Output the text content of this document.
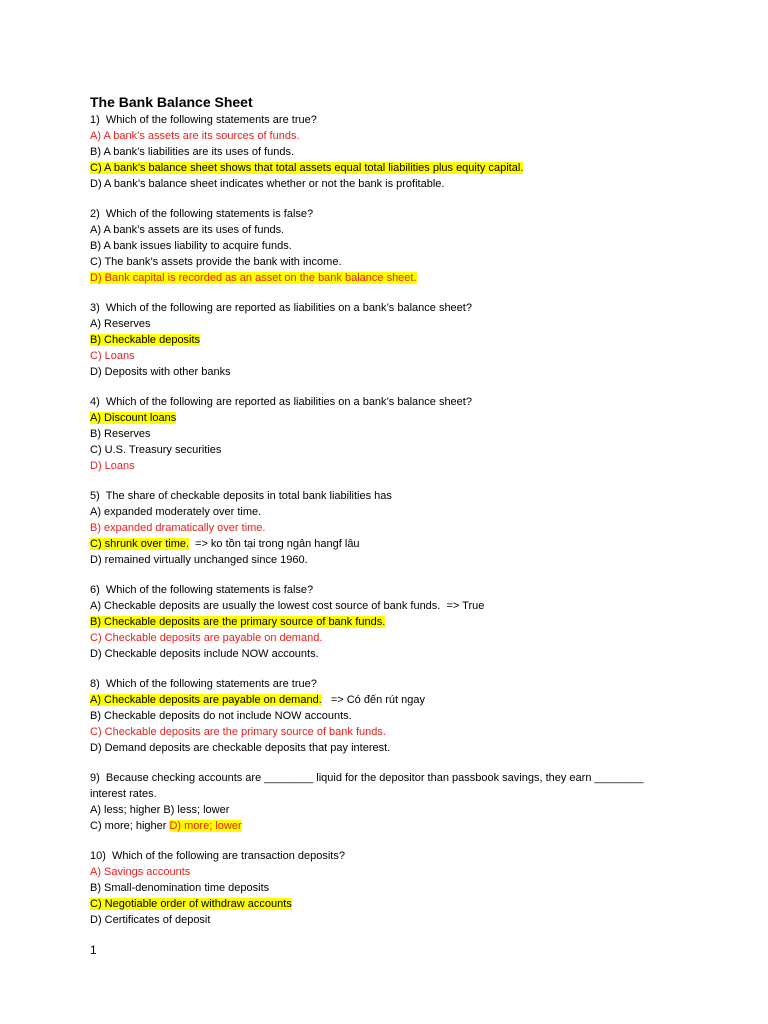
The Bank Balance Sheet
1)  Which of the following statements are true?
A) A bank’s assets are its sources of funds.
B) A bank’s liabilities are its uses of funds.
C) A bank’s balance sheet shows that total assets equal total liabilities plus equity capital.
D) A bank’s balance sheet indicates whether or not the bank is profitable.
2)  Which of the following statements is false?
A) A bank’s assets are its uses of funds.
B) A bank issues liability to acquire funds.
C) The bank’s assets provide the bank with income.
D) Bank capital is recorded as an asset on the bank balance sheet.
3)  Which of the following are reported as liabilities on a bank’s balance sheet?
A) Reserves
B) Checkable deposits
C) Loans
D) Deposits with other banks
4)  Which of the following are reported as liabilities on a bank’s balance sheet?
A) Discount loans
B) Reserves
C) U.S. Treasury securities
D) Loans
5)  The share of checkable deposits in total bank liabilities has
A) expanded moderately over time.
B) expanded dramatically over time.
C) shrunk over time. => ko tồn tại trong ngân hangf lâu
D) remained virtually unchanged since 1960.
6)  Which of the following statements is false?
A) Checkable deposits are usually the lowest cost source of bank funds.  => True
B) Checkable deposits are the primary source of bank funds.
C) Checkable deposits are payable on demand.
D) Checkable deposits include NOW accounts.
8)  Which of the following statements are true?
A) Checkable deposits are payable on demand. => Có đến rút ngay
B) Checkable deposits do not include NOW accounts.
C) Checkable deposits are the primary source of bank funds.
D) Demand deposits are checkable deposits that pay interest.
9)  Because checking accounts are ________ liquid for the depositor than passbook savings, they earn ________
interest rates.
A) less; higher B) less; lower
C) more; higher D) more; lower
10)  Which of the following are transaction deposits?
A) Savings accounts
B) Small-denomination time deposits
C) Negotiable order of withdraw accounts
D) Certificates of deposit
1
